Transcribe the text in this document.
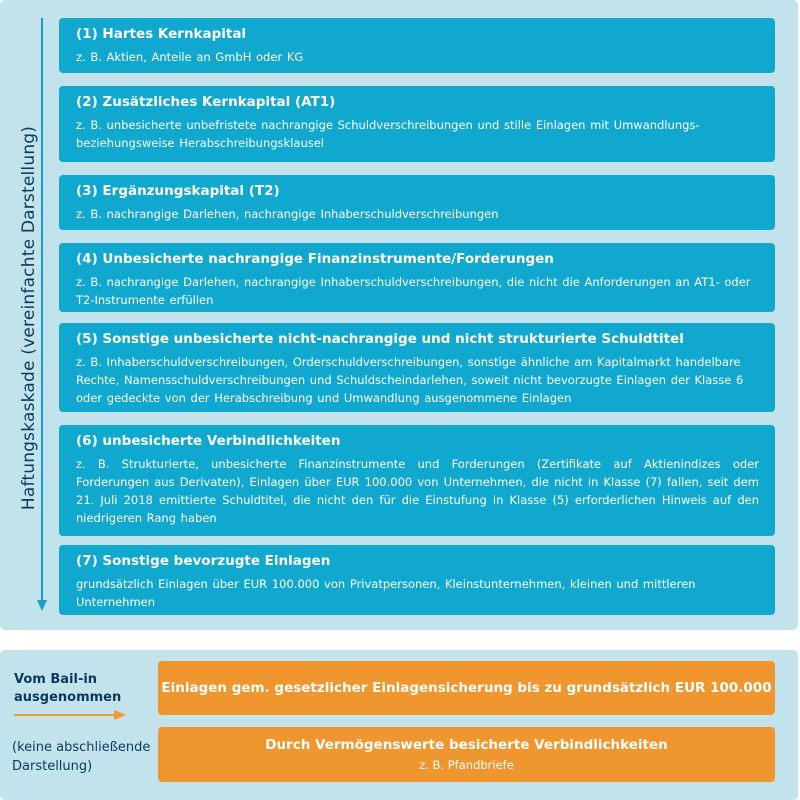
Haftungskaskade (vereinfachte Darstellung)
(1) Hartes Kernkapital
z. B. Aktien, Anteile an GmbH oder KG
(2) Zusätzliches Kernkapital (AT1)
z. B. unbesicherte unbefristete nachrangige Schuldverschreibungen und stille Einlagen mit Umwandlungs-beziehungsweise Herabschreibungsklausel
(3) Ergänzungskapital (T2)
z. B. nachrangige Darlehen, nachrangige Inhaberschuldverschreibungen
(4) Unbesicherte nachrangige Finanzinstrumente/Forderungen
z. B. nachrangige Darlehen, nachrangige Inhaberschuldverschreibungen, die nicht die Anforderungen an AT1- oder T2-Instrumente erfüllen
(5) Sonstige unbesicherte nicht-nachrangige und nicht strukturierte Schuldtitel
z. B. Inhaberschuldverschreibungen, Orderschuldverschreibungen, sonstige ähnliche am Kapitalmarkt handelbare Rechte, Namensschuldverschreibungen und Schuldscheindarlehen, soweit nicht bevorzugte Einlagen der Klasse 6 oder gedeckte von der Herabschreibung und Umwandlung ausgenommene Einlagen
(6) unbesicherte Verbindlichkeiten
z. B. Strukturierte, unbesicherte Finanzinstrumente und Forderungen (Zertifikate auf Aktienindizes oder Forderungen aus Derivaten), Einlagen über EUR 100.000 von Unternehmen, die nicht in Klasse (7) fallen, seit dem 21. Juli 2018 emittierte Schuldtitel, die nicht den für die Einstufung in Klasse (5) erforderlichen Hinweis auf den niedrigeren Rang haben
(7) Sonstige bevorzugte Einlagen
grundsätzlich Einlagen über EUR 100.000 von Privatpersonen, Kleinstunternehmen, kleinen und mittleren Unternehmen
Vom Bail-in
ausgenommen
(keine abschließende
Darstellung)
Einlagen gem. gesetzlicher Einlagensicherung bis zu grundsätzlich EUR 100.000
Durch Vermögenswerte besicherte Verbindlichkeiten
z. B. Pfandbriefe
